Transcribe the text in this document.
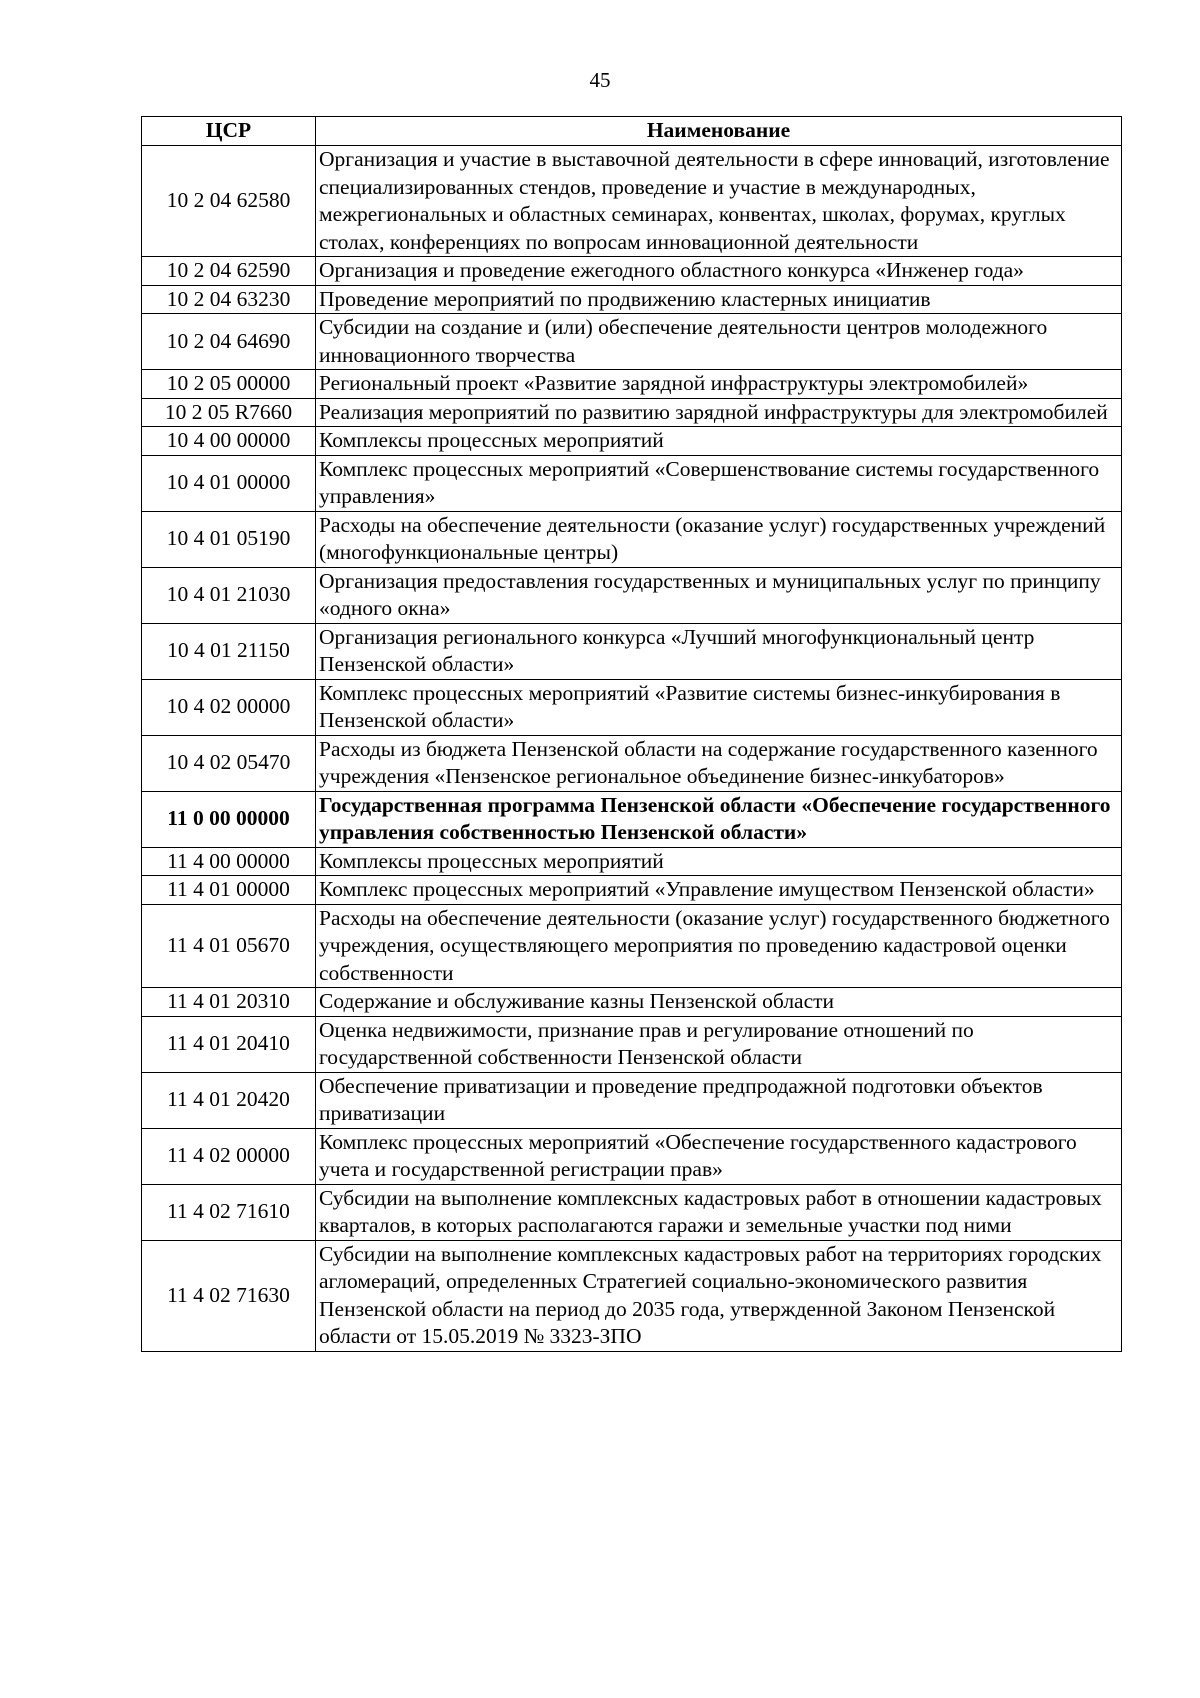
45
ЦСР	Наименование
10 2 04 62580	Организация и участие в выставочной деятельности в сфере инноваций, изготовление специализированных стендов, проведение и участие в международных, межрегиональных и областных семинарах, конвентах, школах, форумах, круглых столах, конференциях по вопросам инновационной деятельности
10 2 04 62590	Организация и проведение ежегодного областного конкурса «Инженер года»
10 2 04 63230	Проведение мероприятий по продвижению кластерных инициатив
10 2 04 64690	Субсидии на создание и (или) обеспечение деятельности центров молодежного инновационного творчества
10 2 05 00000	Региональный проект «Развитие зарядной инфраструктуры электромобилей»
10 2 05 R7660	Реализация мероприятий по развитию зарядной инфраструктуры для электромобилей
10 4 00 00000	Комплексы процессных мероприятий
10 4 01 00000	Комплекс процессных мероприятий «Совершенствование системы государственного управления»
10 4 01 05190	Расходы на обеспечение деятельности (оказание услуг) государственных учреждений (многофункциональные центры)
10 4 01 21030	Организация предоставления государственных и муниципальных услуг по принципу «одного окна»
10 4 01 21150	Организация регионального конкурса «Лучший многофункциональный центр Пензенской области»
10 4 02 00000	Комплекс процессных мероприятий «Развитие системы бизнес-инкубирования в Пензенской области»
10 4 02 05470	Расходы из бюджета Пензенской области на содержание государственного казенного учреждения «Пензенское региональное объединение бизнес-инкубаторов»
11 0 00 00000	Государственная программа Пензенской области «Обеспечение государственного управления собственностью Пензенской области»
11 4 00 00000	Комплексы процессных мероприятий
11 4 01 00000	Комплекс процессных мероприятий «Управление имуществом Пензенской области»
11 4 01 05670	Расходы на обеспечение деятельности (оказание услуг) государственного бюджетного учреждения, осуществляющего мероприятия по проведению кадастровой оценки собственности
11 4 01 20310	Содержание и обслуживание казны Пензенской области
11 4 01 20410	Оценка недвижимости, признание прав и регулирование отношений по государственной собственности Пензенской области
11 4 01 20420	Обеспечение приватизации и проведение предпродажной подготовки объектов приватизации
11 4 02 00000	Комплекс процессных мероприятий «Обеспечение государственного кадастрового учета и государственной регистрации прав»
11 4 02 71610	Субсидии на выполнение комплексных кадастровых работ в отношении кадастровых кварталов, в которых располагаются гаражи и земельные участки под ними
11 4 02 71630	Субсидии на выполнение комплексных кадастровых работ на территориях городских агломераций, определенных Стратегией социально-экономического развития Пензенской области на период до 2035 года, утвержденной Законом Пензенской области от 15.05.2019 № 3323-ЗПО
